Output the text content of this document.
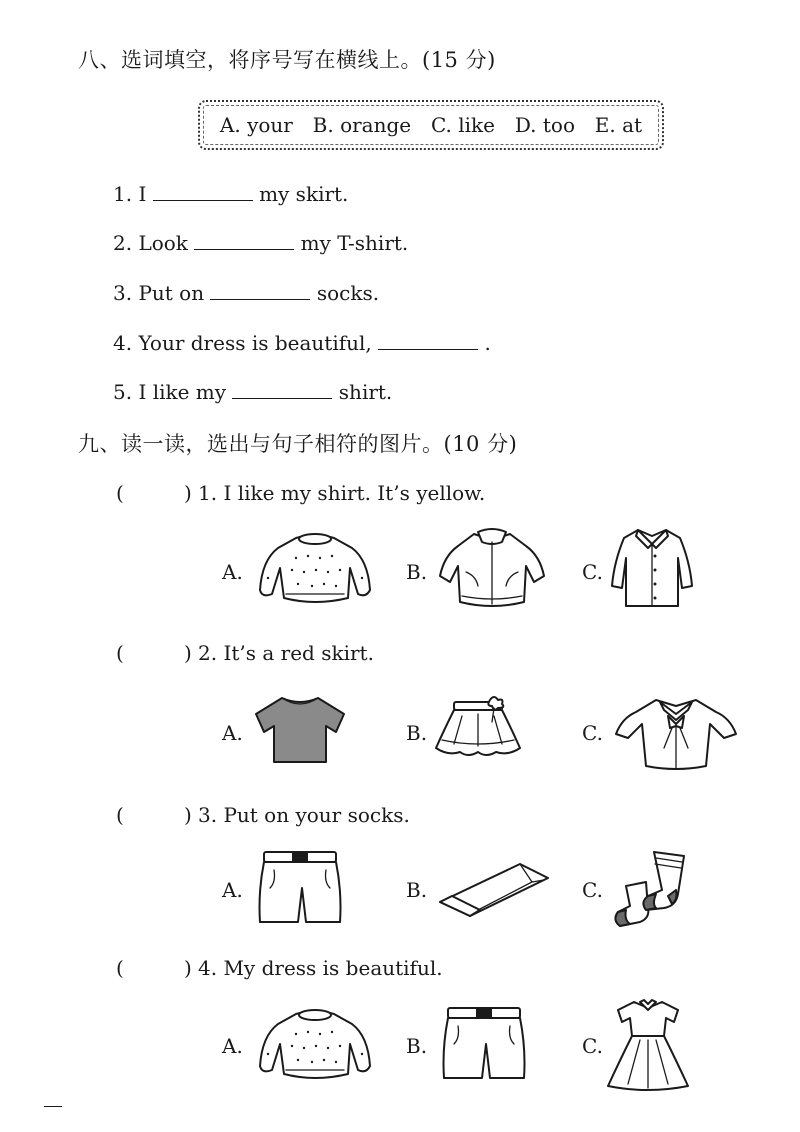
八、选词填空，将序号写在横线上。(15 分)
A. your B. orange C. like D. too E. at
1. I	my skirt.
2. Look	my T-shirt.
3. Put on	socks.
4. Your dress is beautiful,	.
5. I like my	shirt.
九、读一读，选出与句子相符的图片。(10 分)
(	) 1. I like my shirt. It’s yellow.
A.	B.	C.
(	) 2. It’s a red skirt.
A.	B.	C.
(	) 3. Put on your socks.
A.	B.	C.
(	) 4. My dress is beautiful.
A.	B.	C.
